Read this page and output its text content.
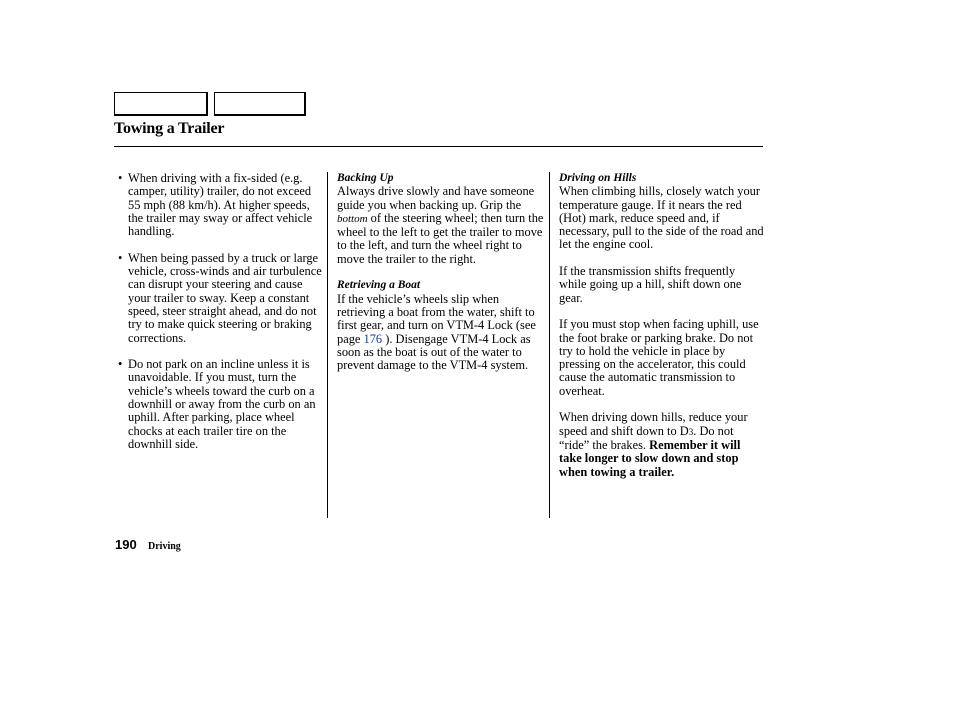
Towing a Trailer
• When driving with a fix-sided (e.g. camper, utility) trailer, do not exceed 55 mph (88 km/h). At higher speeds, the trailer may sway or affect vehicle handling.
• When being passed by a truck or large vehicle, cross-winds and air turbulence can disrupt your steering and cause your trailer to sway. Keep a constant speed, steer straight ahead, and do not try to make quick steering or braking corrections.
• Do not park on an incline unless it is unavoidable. If you must, turn the vehicle’s wheels toward the curb on a downhill or away from the curb on an uphill. After parking, place wheel chocks at each trailer tire on the downhill side.
Backing Up
Always drive slowly and have someone guide you when backing up. Grip the bottom of the steering wheel; then turn the wheel to the left to get the trailer to move to the left, and turn the wheel right to move the trailer to the right.
Retrieving a Boat
If the vehicle’s wheels slip when retrieving a boat from the water, shift to first gear, and turn on VTM-4 Lock (see page 176 ). Disengage VTM-4 Lock as soon as the boat is out of the water to prevent damage to the VTM-4 system.
Driving on Hills
When climbing hills, closely watch your temperature gauge. If it nears the red (Hot) mark, reduce speed and, if necessary, pull to the side of the road and let the engine cool.
If the transmission shifts frequently while going up a hill, shift down one gear.
If you must stop when facing uphill, use the foot brake or parking brake. Do not try to hold the vehicle in place by pressing on the accelerator, this could cause the automatic transmission to overheat.
When driving down hills, reduce your speed and shift down to D3. Do not “ride” the brakes. Remember it will take longer to slow down and stop when towing a trailer.
190 Driving
